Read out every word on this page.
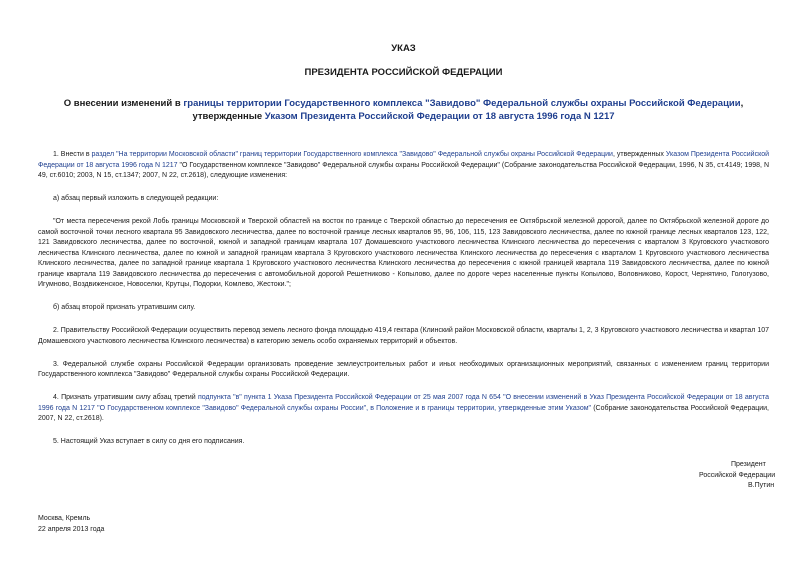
УКАЗ
ПРЕЗИДЕНТА РОССИЙСКОЙ ФЕДЕРАЦИИ
О внесении изменений в границы территории Государственного комплекса "Завидово" Федеральной службы охраны Российской Федерации, утвержденные Указом Президента Российской Федерации от 18 августа 1996 года N 1217

1. Внести в раздел "На территории Московской области" границ территории Государственного комплекса "Завидово" Федеральной службы охраны Российской Федерации, утвержденных Указом Президента Российской Федерации от 18 августа 1996 года N 1217 "О Государственном комплексе "Завидово" Федеральной службы охраны Российской Федерации" (Собрание законодательства Российской Федерации, 1996, N 35, ст.4149; 1998, N 49, ст.6010; 2003, N 15, ст.1347; 2007, N 22, ст.2618), следующие изменения:

а) абзац первый изложить в следующей редакции:

"От места пересечения рекой Лобь границы Московской и Тверской областей на восток по границе с Тверской областью до пересечения ее Октябрьской железной дорогой, далее по Октябрьской железной дороге до самой восточной точки лесного квартала 95 Завидовского лесничества, далее по восточной границе лесных кварталов 95, 96, 106, 115, 123 Завидовского лесничества, далее по южной границе лесных кварталов 123, 122, 121 Завидовского лесничества, далее по восточной, южной и западной границам квартала 107 Домашевского участкового лесничества Клинского лесничества до пересечения с кварталом 3 Круговского участкового лесничества Клинского лесничества, далее по южной и западной границам квартала 3 Круговского участкового лесничества Клинского лесничества до пересечения с кварталом 1 Круговского участкового лесничества Клинского лесничества, далее по западной границе квартала 1 Круговского участкового лесничества Клинского лесничества до пересечения с южной границей квартала 119 Завидовского лесничества, далее по южной границе квартала 119 Завидовского лесничества до пересечения с автомобильной дорогой Решетниково - Копылово, далее по дороге через населенные пункты Копылово, Воловниково, Корост, Чернятино, Гологузово, Игумново, Воздвиженское, Новоселки, Крутцы, Подорки, Комлево, Жестоки.";

б) абзац второй признать утратившим силу.

2. Правительству Российской Федерации осуществить перевод земель лесного фонда площадью 419,4 гектара (Клинский район Московской области, кварталы 1, 2, 3 Круговского участкового лесничества и квартал 107 Домашевского участкового лесничества Клинского лесничества) в категорию земель особо охраняемых территорий и объектов.

3. Федеральной службе охраны Российской Федерации организовать проведение землеустроительных работ и иных необходимых организационных мероприятий, связанных с изменением границ территории Государственного комплекса "Завидово" Федеральной службы охраны Российской Федерации.

4. Признать утратившим силу абзац третий подпункта "в" пункта 1 Указа Президента Российской Федерации от 25 мая 2007 года N 654 "О внесении изменений в Указ Президента Российской Федерации от 18 августа 1996 года N 1217 "О Государственном комплексе "Завидово" Федеральной службы охраны России", в Положение и в границы территории, утвержденные этим Указом" (Собрание законодательства Российской Федерации, 2007, N 22, ст.2618).

5. Настоящий Указ вступает в силу со дня его подписания.

Президент
Российской Федерации
В.Путин
Москва, Кремль
22 апреля 2013 года
